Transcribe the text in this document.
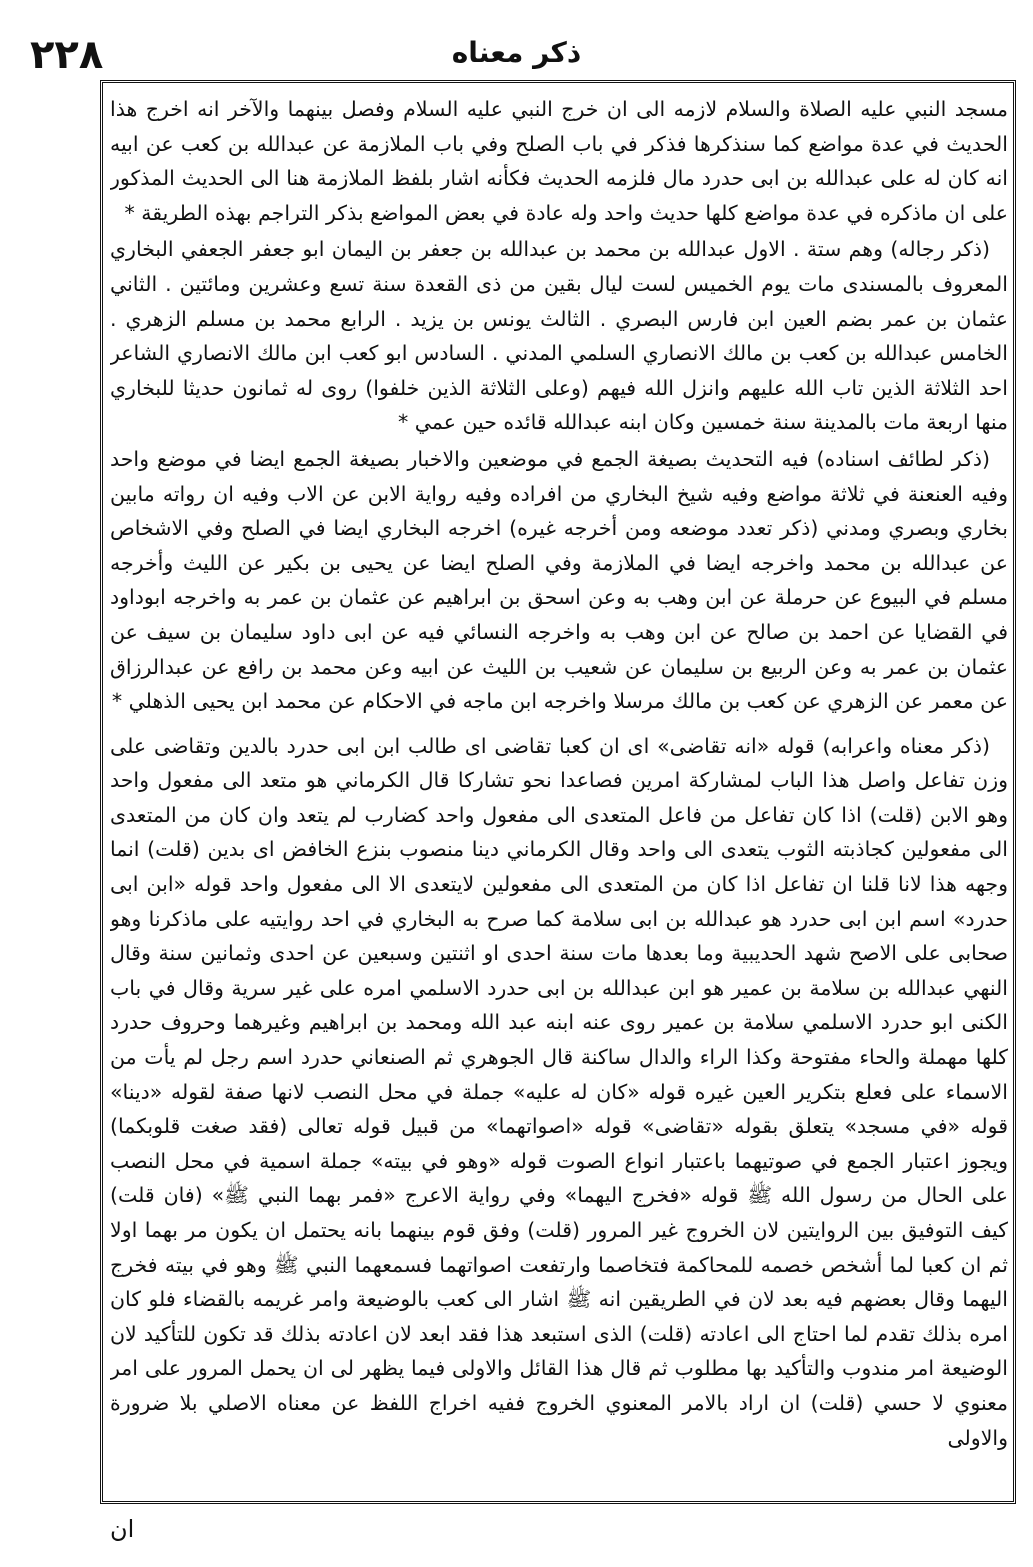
۲۲۸	ذکر معناه

مسجد النبي عليه الصلاة والسلام لازمه الى ان خرج النبي عليه السلام وفصل بينهما والآخر انه اخرج هذا الحديث في عدة مواضع كما سنذكرها فذكر في باب الصلح وفي باب الملازمة عن عبدالله بن كعب عن ابيه انه كان له على عبدالله بن ابى حدرد مال فلزمه الحديث فكأنه اشار بلفظ الملازمة هنا الى الحديث المذكور على ان ماذكره في عدة مواضع كلها حديث واحد وله عادة في بعض المواضع بذكر التراجم بهذه الطريقة *

(ذكر رجاله) وهم ستة . الاول عبدالله بن محمد بن عبدالله بن جعفر بن اليمان ابو جعفر الجعفي البخاري المعروف بالمسندى مات يوم الخميس لست ليال بقين من ذى القعدة سنة تسع وعشرين ومائتين . الثاني عثمان بن عمر بضم العين ابن فارس البصري . الثالث يونس بن يزيد . الرابع محمد بن مسلم الزهري . الخامس عبدالله بن كعب بن مالك الانصاري السلمي المدني . السادس ابو كعب ابن مالك الانصاري الشاعر احد الثلاثة الذين تاب الله عليهم وانزل الله فيهم (وعلى الثلاثة الذين خلفوا) روى له ثمانون حديثا للبخاري منها اربعة مات بالمدينة سنة خمسين وكان ابنه عبدالله قائده حين عمي *

(ذكر لطائف اسناده) فيه التحديث بصيغة الجمع في موضعين والاخبار بصيغة الجمع ايضا في موضع واحد وفيه العنعنة في ثلاثة مواضع وفيه شيخ البخاري من افراده وفيه رواية الابن عن الاب وفيه ان رواته مابين بخاري وبصري ومدني (ذكر تعدد موضعه ومن أخرجه غيره) اخرجه البخاري ايضا في الصلح وفي الاشخاص عن عبدالله بن محمد واخرجه ايضا في الملازمة وفي الصلح ايضا عن يحيى بن بكير عن الليث وأخرجه مسلم في البيوع عن حرملة عن ابن وهب به وعن اسحق بن ابراهيم عن عثمان بن عمر به واخرجه ابوداود في القضايا عن احمد بن صالح عن ابن وهب به واخرجه النسائي فيه عن ابى داود سليمان بن سيف عن عثمان بن عمر به وعن الربيع بن سليمان عن شعيب بن الليث عن ابيه وعن محمد بن رافع عن عبدالرزاق عن معمر عن الزهري عن كعب بن مالك مرسلا واخرجه ابن ماجه في الاحكام عن محمد ابن يحيى الذهلي *

(ذكر معناه واعرابه) قوله «انه تقاضى» اى ان كعبا تقاضى اى طالب ابن ابى حدرد بالدين وتقاضى على وزن تفاعل واصل هذا الباب لمشاركة امرين فصاعدا نحو تشاركا قال الكرماني هو متعد الى مفعول واحد وهو الابن (قلت) اذا كان تفاعل من فاعل المتعدى الى مفعول واحد كضارب لم يتعد وان كان من المتعدى الى مفعولين كجاذبته الثوب يتعدى الى واحد وقال الكرماني دينا منصوب بنزع الخافض اى بدين (قلت) انما وجهه هذا لانا قلنا ان تفاعل اذا كان من المتعدى الى مفعولين لايتعدى الا الى مفعول واحد قوله «ابن ابى حدرد» اسم ابن ابى حدرد هو عبدالله بن ابى سلامة كما صرح به البخاري في احد روايتيه على ماذكرنا وهو صحابى على الاصح شهد الحديبية وما بعدها مات سنة احدى او اثنتين وسبعين عن احدى وثمانين سنة وقال النهي عبدالله بن سلامة بن عمير هو ابن عبدالله بن ابى حدرد الاسلمي امره على غير سرية وقال في باب الكنى ابو حدرد الاسلمي سلامة بن عمير روى عنه ابنه عبد الله ومحمد بن ابراهيم وغيرهما وحروف حدرد كلها مهملة والحاء مفتوحة وكذا الراء والدال ساكنة قال الجوهري ثم الصنعاني حدرد اسم رجل لم يأت من الاسماء على فعلع بتكرير العين غيره قوله «كان له عليه» جملة في محل النصب لانها صفة لقوله «دينا» قوله «في مسجد» يتعلق بقوله «تقاضى» قوله «اصواتهما» من قبيل قوله تعالى (فقد صغت قلوبكما) ويجوز اعتبار الجمع في صوتيهما باعتبار انواع الصوت قوله «وهو في بيته» جملة اسمية في محل النصب على الحال من رسول الله ﷺ قوله «فخرج اليهما» وفي رواية الاعرج «فمر بهما النبي ﷺ» (فان قلت) كيف التوفيق بين الروايتين لان الخروج غير المرور (قلت) وفق قوم بينهما بانه يحتمل ان يكون مر بهما اولا ثم ان كعبا لما أشخص خصمه للمحاكمة فتخاصما وارتفعت اصواتهما فسمعهما النبي ﷺ وهو في بيته فخرج اليهما وقال بعضهم فيه بعد لان في الطريقين انه ﷺ اشار الى كعب بالوضيعة وامر غريمه بالقضاء فلو كان امره بذلك تقدم لما احتاج الى اعادته (قلت) الذى استبعد هذا فقد ابعد لان اعادته بذلك قد تكون للتأكيد لان الوضيعة امر مندوب والتأكيد بها مطلوب ثم قال هذا القائل والاولى فيما يظهر لى ان يحمل المرور على امر معنوي لا حسي (قلت) ان اراد بالامر المعنوي الخروج ففيه اخراج اللفظ عن معناه الاصلي بلا ضرورة والاولى

ان
